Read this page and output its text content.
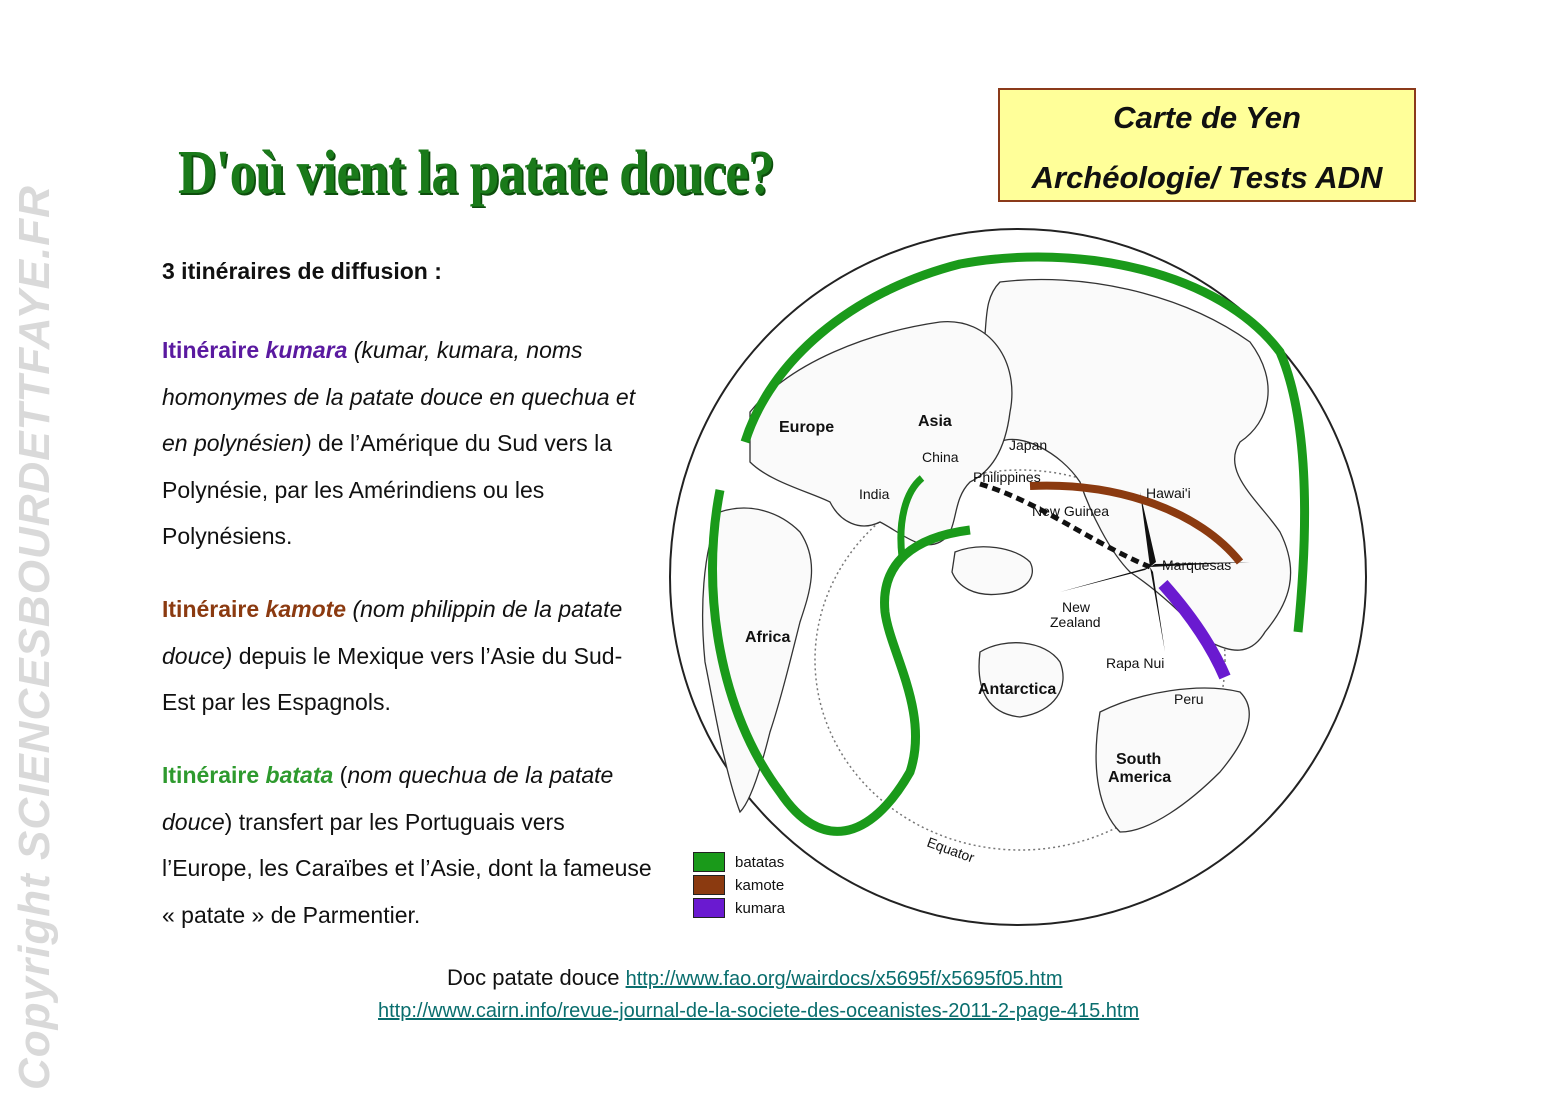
Copyright SCIENCESBOURDETTFAYE.FR
D'où vient la patate douce?
Carte de Yen
Archéologie/ Tests ADN
3 itinéraires de diffusion :
Itinéraire kumara (kumar, kumara, noms homonymes de la patate douce en quechua et en polynésien) de l’Amérique du Sud vers la Polynésie, par les Amérindiens ou les Polynésiens.
Itinéraire kamote (nom philippin de la patate douce) depuis le Mexique vers l’Asie du Sud-Est par les Espagnols.
Itinéraire batata (nom quechua de la patate douce) transfert par les Portuguais vers l’Europe, les Caraïbes et l’Asie, dont la fameuse « patate » de Parmentier.
Europe	Asia
China
Japan
India
Philippines
Hawai'i
New Guinea
Marquesas
New
Zealand
Africa
Rapa Nui
Antarctica
Peru
South
America
Equator
batatas
kamote
kumara
Doc patate douce http://www.fao.org/wairdocs/x5695f/x5695f05.htm
http://www.cairn.info/revue-journal-de-la-societe-des-oceanistes-2011-2-page-415.htm
